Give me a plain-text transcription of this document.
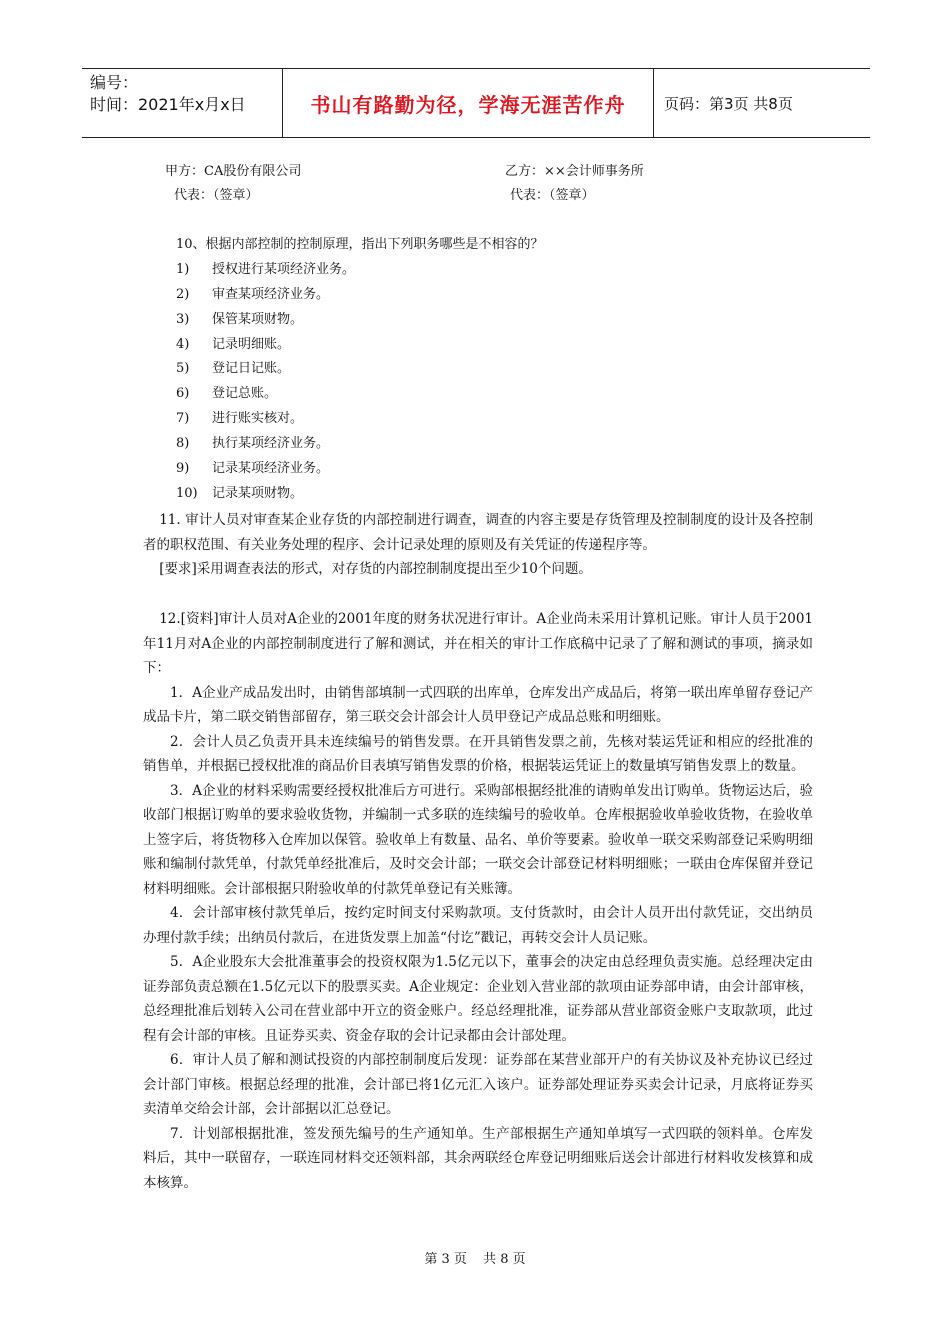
编号：
时间：2021年x月x日	书山有路勤为径，学海无涯苦作舟	页码：第3页 共8页
甲方：CA股份有限公司	乙方：××会计师事务所
代表：（签章）	代表：（签章）
10、根据内部控制的控制原理，指出下列职务哪些是不相容的？
1) 授权进行某项经济业务。
2) 审查某项经济业务。
3) 保管某项财物。
4) 记录明细账。
5) 登记日记账。
6) 登记总账。
7) 进行账实核对。
8) 执行某项经济业务。
9) 记录某项经济业务。
10) 记录某项财物。

11. 审计人员对审查某企业存货的内部控制进行调查，调查的内容主要是存货管理及控制制度的设计及各控制者的职权范围、有关业务处理的程序、会计记录处理的原则及有关凭证的传递程序等。

[要求]采用调查表法的形式，对存货的内部控制制度提出至少10个问题。

12.[资料]审计人员对A企业的2001年度的财务状况进行审计。A企业尚未采用计算机记账。审计人员于2001年11月对A企业的内部控制制度进行了解和测试，并在相关的审计工作底稿中记录了了解和测试的事项，摘录如下：

1．A企业产成品发出时，由销售部填制一式四联的出库单，仓库发出产成品后，将第一联出库单留存登记产成品卡片，第二联交销售部留存，第三联交会计部会计人员甲登记产成品总账和明细账。

2．会计人员乙负责开具未连续编号的销售发票。在开具销售发票之前，先核对装运凭证和相应的经批准的销售单，并根据已授权批准的商品价目表填写销售发票的价格，根据装运凭证上的数量填写销售发票上的数量。

3．A企业的材料采购需要经授权批准后方可进行。采购部根据经批准的请购单发出订购单。货物运达后，验收部门根据订购单的要求验收货物，并编制一式多联的连续编号的验收单。仓库根据验收单验收货物，在验收单上签字后，将货物移入仓库加以保管。验收单上有数量、品名、单价等要素。验收单一联交采购部登记采购明细账和编制付款凭单，付款凭单经批准后，及时交会计部；一联交会计部登记材料明细账；一联由仓库保留并登记材料明细账。会计部根据只附验收单的付款凭单登记有关账簿。

4．会计部审核付款凭单后，按约定时间支付采购款项。支付货款时，由会计人员开出付款凭证，交出纳员办理付款手续；出纳员付款后，在进货发票上加盖“付讫”戳记，再转交会计人员记账。

5．A企业股东大会批准董事会的投资权限为1.5亿元以下，董事会的决定由总经理负责实施。总经理决定由证券部负责总额在1.5亿元以下的股票买卖。A企业规定：企业划入营业部的款项由证券部申请，由会计部审核，总经理批准后划转入公司在营业部中开立的资金账户。经总经理批准，证券部从营业部资金账户支取款项，此过程有会计部的审核。且证券买卖、资金存取的会计记录都由会计部处理。

6．审计人员了解和测试投资的内部控制制度后发现：证券部在某营业部开户的有关协议及补充协议已经过会计部门审核。根据总经理的批准，会计部已将1亿元汇入该户。证券部处理证券买卖会计记录，月底将证券买卖清单交给会计部，会计部据以汇总登记。

7．计划部根据批准，签发预先编号的生产通知单。生产部根据生产通知单填写一式四联的领料单。仓库发料后，其中一联留存，一联连同材料交还领料部，其余两联经仓库登记明细账后送会计部进行材料收发核算和成本核算。

第 3 页 共 8 页
